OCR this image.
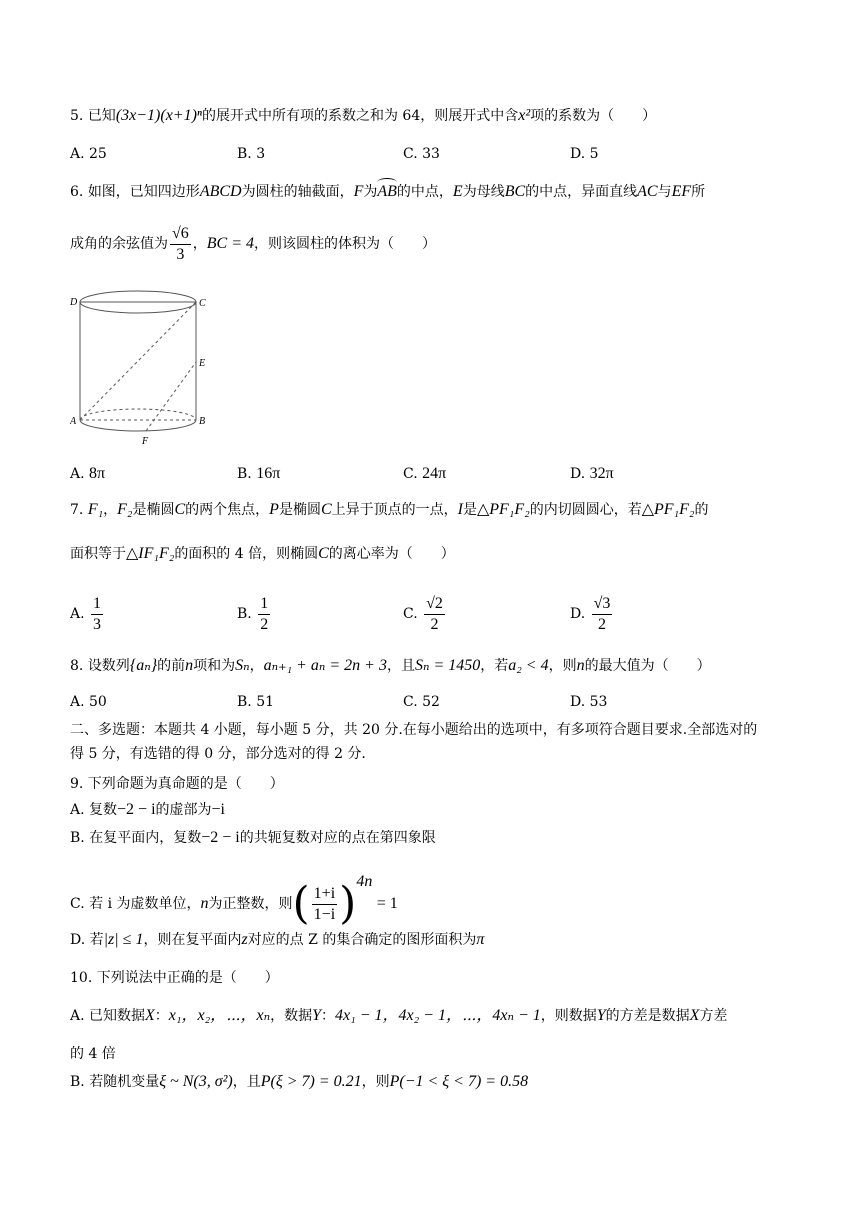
5. 已知(3x−1)(x+1)ⁿ的展开式中所有项的系数之和为 64，则展开式中含x²项的系数为（　　）
A. 25	B. 3	C. 33	D. 5
6. 如图，已知四边形ABCD为圆柱的轴截面，F为AB的中点，E为母线BC的中点，异面直线AC与EF所
成角的余弦值为 $\frac{√6}{3}$ ，BC = 4，则该圆柱的体积为（　　）
D	C
E
A	B
F
A. 8π	B. 16π	C. 24π	D. 32π
7. F₁，F₂是椭圆C的两个焦点，P是椭圆C上异于顶点的一点，I是△PF₁F₂的内切圆圆心，若△PF₁F₂的
面积等于△IF₁F₂的面积的 4 倍，则椭圆C的离心率为（　　）
A. $\frac{1}{3}$	B. $\frac{1}{2}$	C. $\frac{√2}{2}$	D. $\frac{√3}{2}$
8. 设数列{aₙ}的前n项和为Sₙ，aₙ₊₁ + aₙ = 2n + 3，且Sₙ = 1450，若a₂ < 4，则n的最大值为（　　）
A. 50	B. 51	C. 52	D. 53
二、多选题：本题共 4 小题，每小题 5 分，共 20 分.在每小题给出的选项中，有多项符合题目要求.全部选对的
得 5 分，有选错的得 0 分，部分选对的得 2 分.
9. 下列命题为真命题的是（　　）
A. 复数−2 − i的虚部为−i
B. 在复平面内，复数−2 − i的共轭复数对应的点在第四象限
C. 若 i 为虚数单位，n为正整数，则( $\frac{1+i}{1-i} )^{4n} = 1$
D. 若|z| ≤ 1，则在复平面内z对应的点 Z 的集合确定的图形面积为π
10. 下列说法中正确的是（　　）
A. 已知数据X：x₁，x₂，⋯，xₙ，数据Y：4x₁ − 1，4x₂ − 1，⋯，4xₙ − 1，则数据Y的方差是数据X方差
的 4 倍
B. 若随机变量ξ ~ N(3, σ²)，且P(ξ > 7) = 0.21，则P(−1 < ξ < 7) = 0.58
